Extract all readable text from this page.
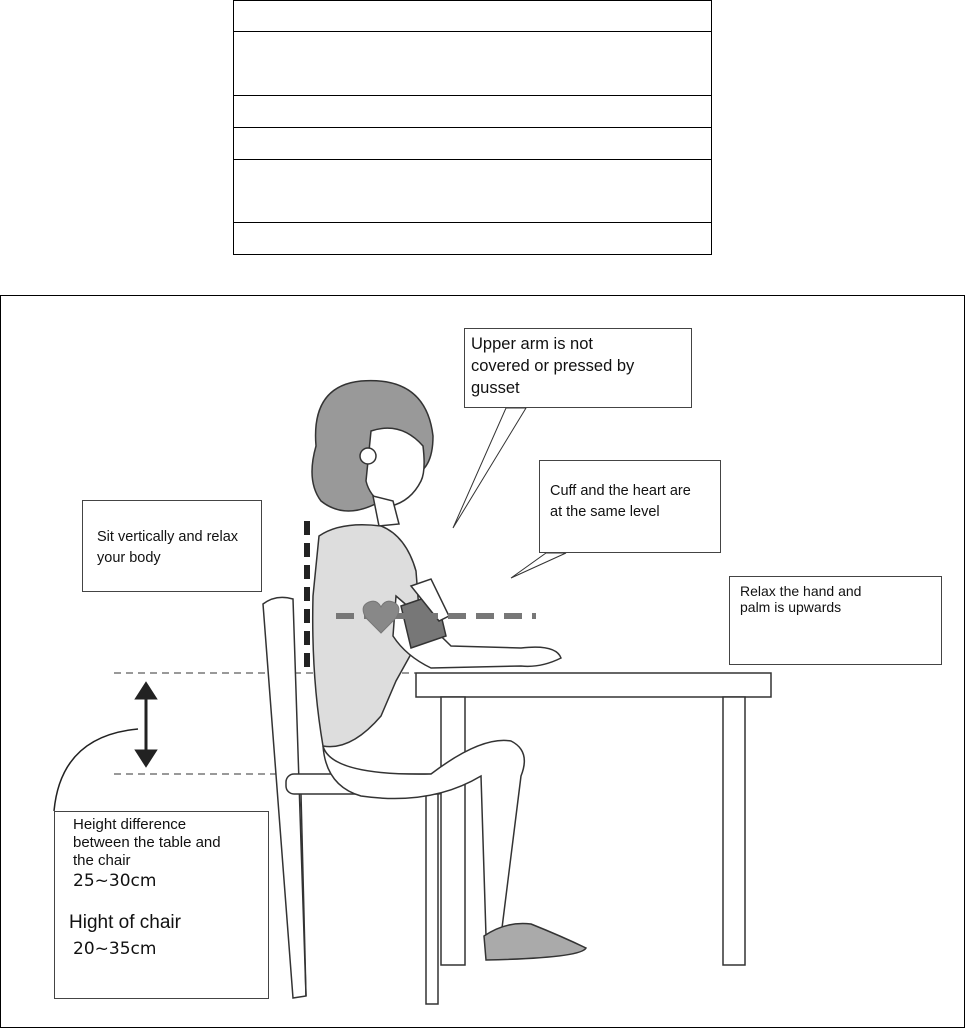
Upper arm is not
covered or pressed by
gusset
Cuff and the heart are
at the same level
Sit vertically and relax
your body
Relax the hand and
palm is upwards
Height difference
between the table and
the chair
25~30cm
Hight of chair
20~35cm
